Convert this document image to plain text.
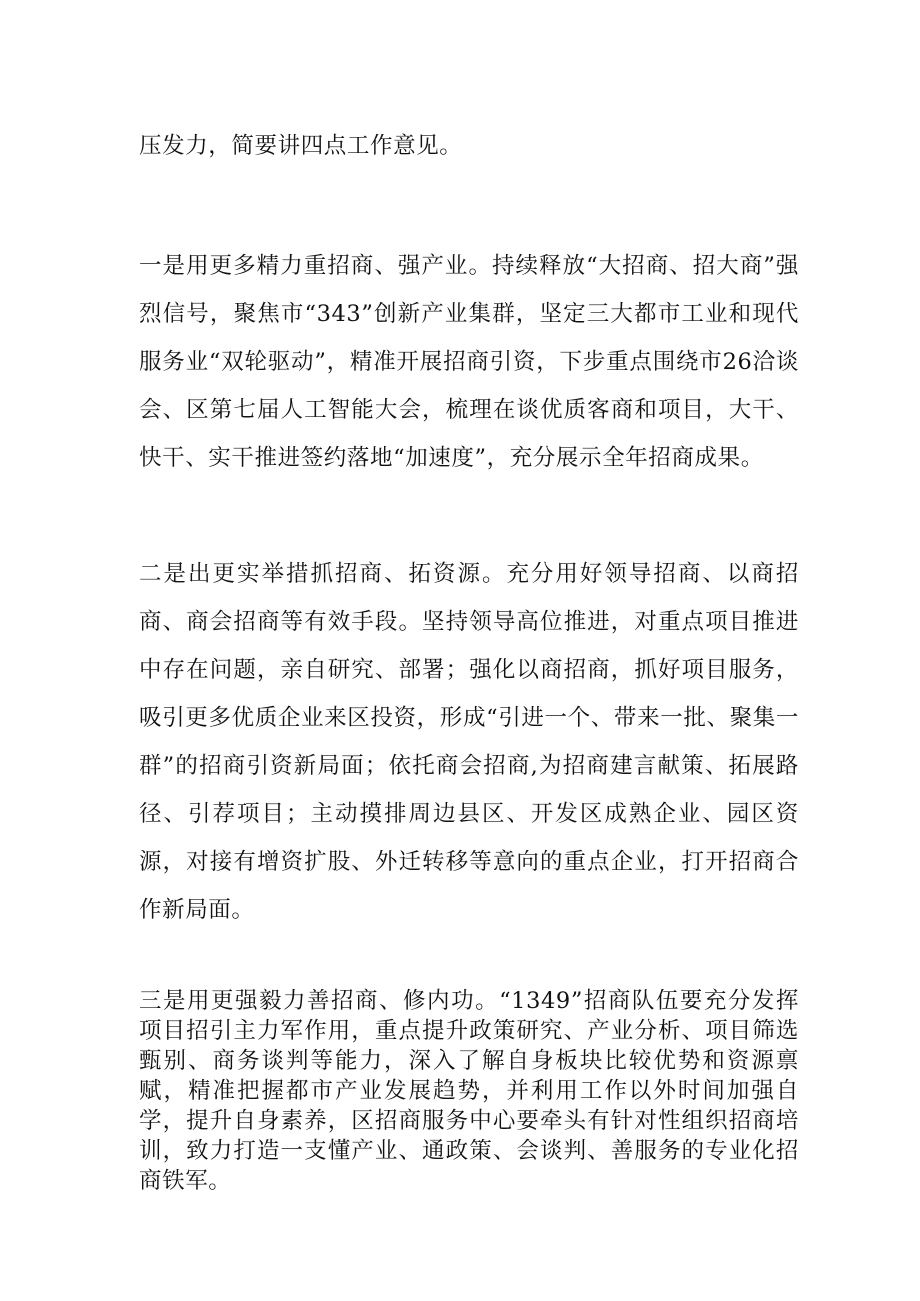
压发力，简要讲四点工作意见。

一是用更多精力重招商、强产业。持续释放“大招商、招大商”强烈信号，聚焦市“343”创新产业集群，坚定三大都市工业和现代服务业“双轮驱动”，精准开展招商引资，下步重点围绕市26洽谈会、区第七届人工智能大会，梳理在谈优质客商和项目，大干、快干、实干推进签约落地“加速度”，充分展示全年招商成果。

二是出更实举措抓招商、拓资源。充分用好领导招商、以商招商、商会招商等有效手段。坚持领导高位推进，对重点项目推进中存在问题，亲自研究、部署；强化以商招商，抓好项目服务，吸引更多优质企业来区投资，形成“引进一个、带来一批、聚集一群”的招商引资新局面；依托商会招商,为招商建言献策、拓展路径、引荐项目；主动摸排周边县区、开发区成熟企业、园区资源，对接有增资扩股、外迁转移等意向的重点企业，打开招商合作新局面。

三是用更强毅力善招商、修内功。“1349”招商队伍要充分发挥项目招引主力军作用，重点提升政策研究、产业分析、项目筛选甄别、商务谈判等能力，深入了解自身板块比较优势和资源禀赋，精准把握都市产业发展趋势，并利用工作以外时间加强自学，提升自身素养，区招商服务中心要牵头有针对性组织招商培训，致力打造一支懂产业、通政策、会谈判、善服务的专业化招商铁军。
